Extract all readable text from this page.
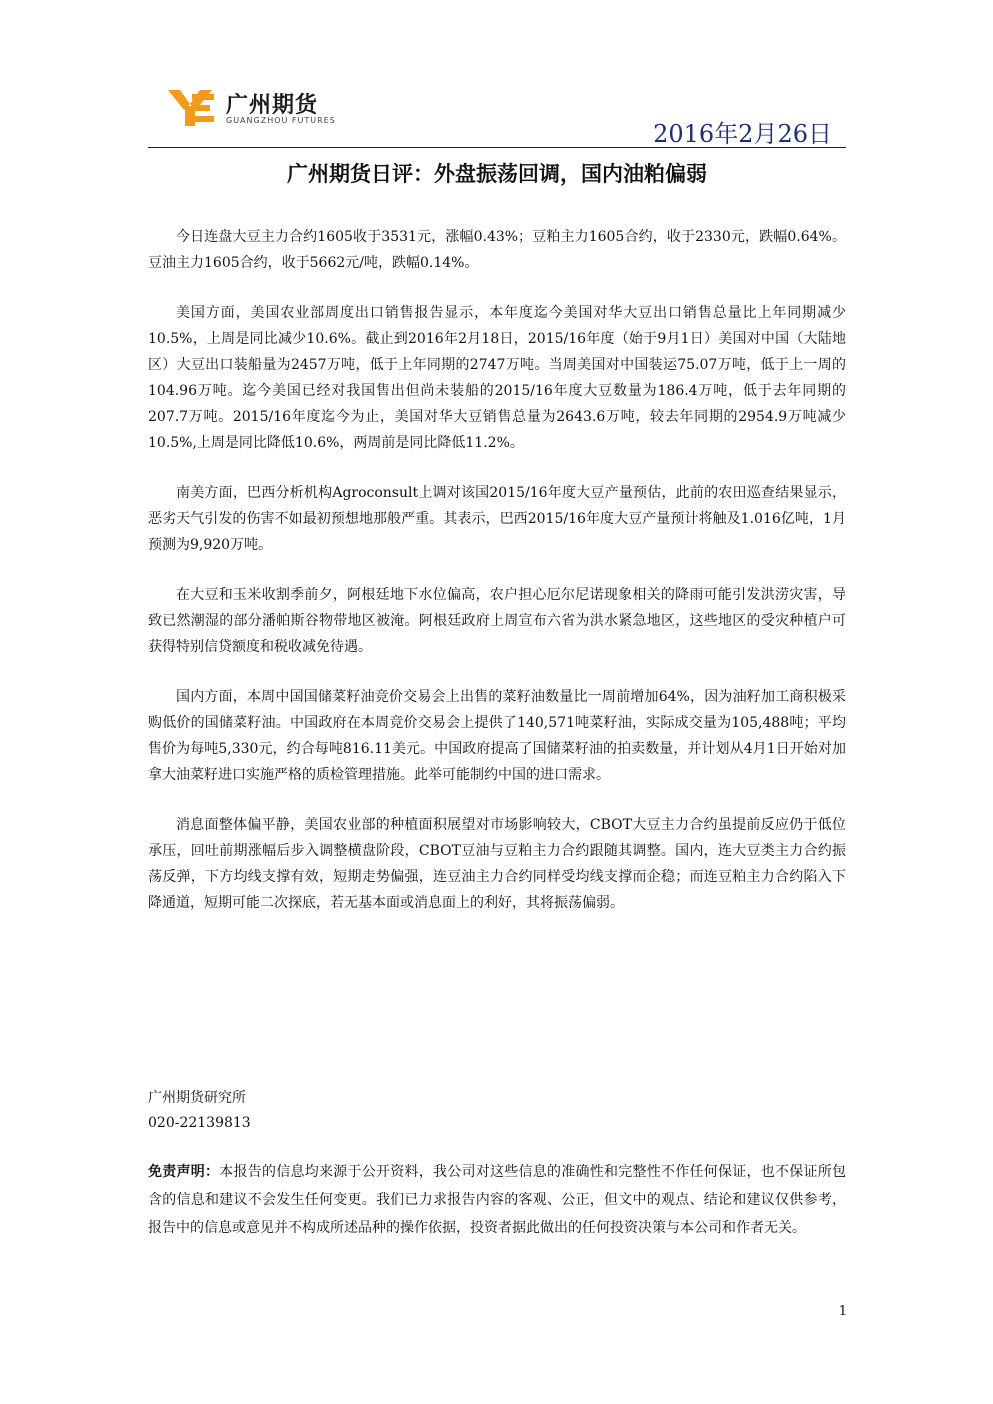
广州期货
GUANGZHOU FUTURES	2016年2月26日
广州期货日评：外盘振荡回调，国内油粕偏弱

今日连盘大豆主力合约1605收于3531元，涨幅0.43%；豆粕主力1605合约，收于2330元，跌幅0.64%。豆油主力1605合约，收于5662元/吨，跌幅0.14%。

美国方面，美国农业部周度出口销售报告显示，本年度迄今美国对华大豆出口销售总量比上年同期减少10.5%，上周是同比减少10.6%。截止到2016年2月18日，2015/16年度（始于9月1日）美国对中国（大陆地区）大豆出口装船量为2457万吨，低于上年同期的2747万吨。当周美国对中国装运75.07万吨，低于上一周的104.96万吨。迄今美国已经对我国售出但尚未装船的2015/16年度大豆数量为186.4万吨，低于去年同期的207.7万吨。2015/16年度迄今为止，美国对华大豆销售总量为2643.6万吨，较去年同期的2954.9万吨减少10.5%,上周是同比降低10.6%，两周前是同比降低11.2%。

南美方面，巴西分析机构Agroconsult上调对该国2015/16年度大豆产量预估，此前的农田巡查结果显示，恶劣天气引发的伤害不如最初预想地那般严重。其表示，巴西2015/16年度大豆产量预计将触及1.016亿吨，1月预测为9,920万吨。

在大豆和玉米收割季前夕，阿根廷地下水位偏高，农户担心厄尔尼诺现象相关的降雨可能引发洪涝灾害，导致已然潮湿的部分潘帕斯谷物带地区被淹。阿根廷政府上周宣布六省为洪水紧急地区，这些地区的受灾种植户可获得特别信贷额度和税收减免待遇。

国内方面，本周中国国储菜籽油竞价交易会上出售的菜籽油数量比一周前增加64%，因为油籽加工商积极采购低价的国储菜籽油。中国政府在本周竞价交易会上提供了140,571吨菜籽油，实际成交量为105,488吨；平均售价为每吨5,330元，约合每吨816.11美元。中国政府提高了国储菜籽油的拍卖数量，并计划从4月1日开始对加拿大油菜籽进口实施严格的质检管理措施。此举可能制约中国的进口需求。

消息面整体偏平静，美国农业部的种植面积展望对市场影响较大，CBOT大豆主力合约虽提前反应仍于低位承压，回吐前期涨幅后步入调整横盘阶段，CBOT豆油与豆粕主力合约跟随其调整。国内，连大豆类主力合约振荡反弹，下方均线支撑有效，短期走势偏强，连豆油主力合约同样受均线支撑而企稳；而连豆粕主力合约陷入下降通道，短期可能二次探底，若无基本面或消息面上的利好，其将振荡偏弱。

广州期货研究所
020-22139813
免责声明：本报告的信息均来源于公开资料，我公司对这些信息的准确性和完整性不作任何保证，也不保证所包含的信息和建议不会发生任何变更。我们已力求报告内容的客观、公正，但文中的观点、结论和建议仅供参考，报告中的信息或意见并不构成所述品种的操作依据，投资者据此做出的任何投资决策与本公司和作者无关。
1
